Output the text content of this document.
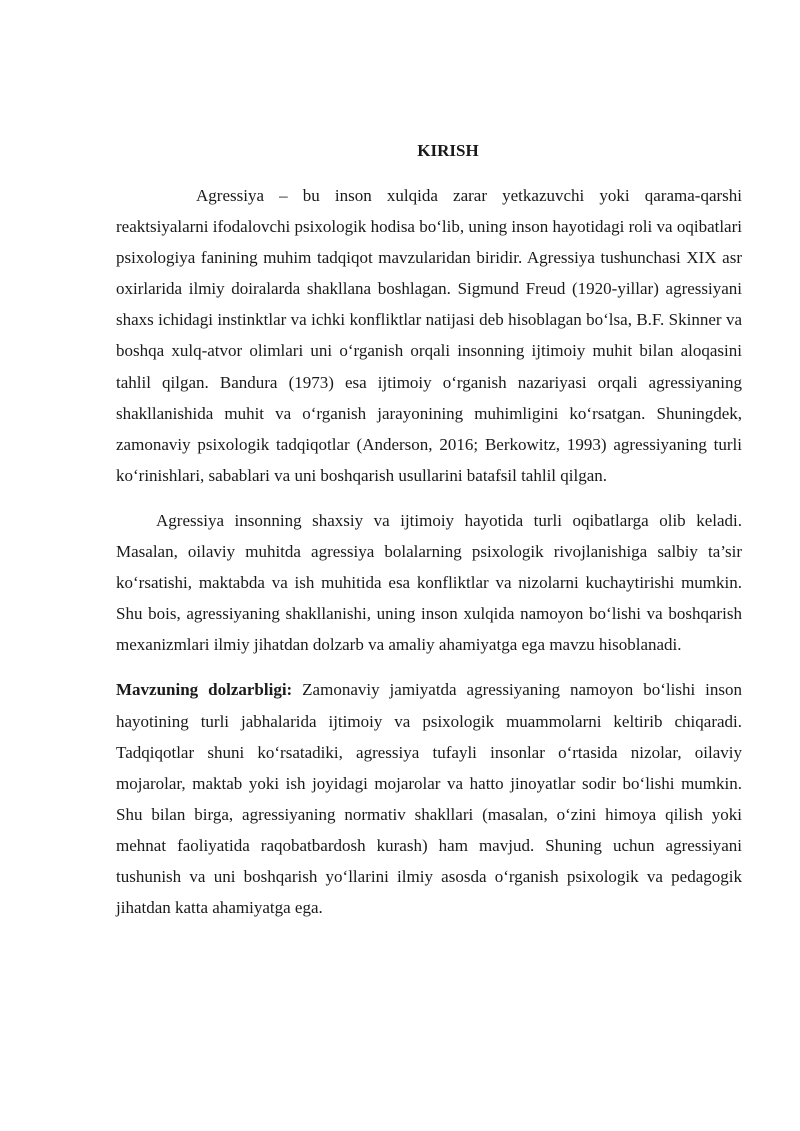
KIRISH

Agressiya – bu inson xulqida zarar yetkazuvchi yoki qarama-qarshi reaktsiyalarni ifodalovchi psixologik hodisa bo‘lib, uning inson hayotidagi roli va oqibatlari psixologiya fanining muhim tadqiqot mavzularidan biridir. Agressiya tushunchasi XIX asr oxirlarida ilmiy doiralarda shakllana boshlagan. Sigmund Freud (1920-yillar) agressiyani shaxs ichidagi instinktlar va ichki konfliktlar natijasi deb hisoblagan bo‘lsa, B.F. Skinner va boshqa xulq-atvor olimlari uni o‘rganish orqali insonning ijtimoiy muhit bilan aloqasini tahlil qilgan. Bandura (1973) esa ijtimoiy o‘rganish nazariyasi orqali agressiyaning shakllanishida muhit va o‘rganish jarayonining muhimligini ko‘rsatgan. Shuningdek, zamonaviy psixologik tadqiqotlar (Anderson, 2016; Berkowitz, 1993) agressiyaning turli ko‘rinishlari, sabablari va uni boshqarish usullarini batafsil tahlil qilgan.

Agressiya insonning shaxsiy va ijtimoiy hayotida turli oqibatlarga olib keladi. Masalan, oilaviy muhitda agressiya bolalarning psixologik rivojlanishiga salbiy ta’sir ko‘rsatishi, maktabda va ish muhitida esa konfliktlar va nizolarni kuchaytirishi mumkin. Shu bois, agressiyaning shakllanishi, uning inson xulqida namoyon bo‘lishi va boshqarish mexanizmlari ilmiy jihatdan dolzarb va amaliy ahamiyatga ega mavzu hisoblanadi.

Mavzuning dolzarbligi: Zamonaviy jamiyatda agressiyaning namoyon bo‘lishi inson hayotining turli jabhalarida ijtimoiy va psixologik muammolarni keltirib chiqaradi. Tadqiqotlar shuni ko‘rsatadiki, agressiya tufayli insonlar o‘rtasida nizolar, oilaviy mojarolar, maktab yoki ish joyidagi mojarolar va hatto jinoyatlar sodir bo‘lishi mumkin. Shu bilan birga, agressiyaning normativ shakllari (masalan, o‘zini himoya qilish yoki mehnat faoliyatida raqobatbardosh kurash) ham mavjud. Shuning uchun agressiyani tushunish va uni boshqarish yo‘llarini ilmiy asosda o‘rganish psixologik va pedagogik jihatdan katta ahamiyatga ega.
